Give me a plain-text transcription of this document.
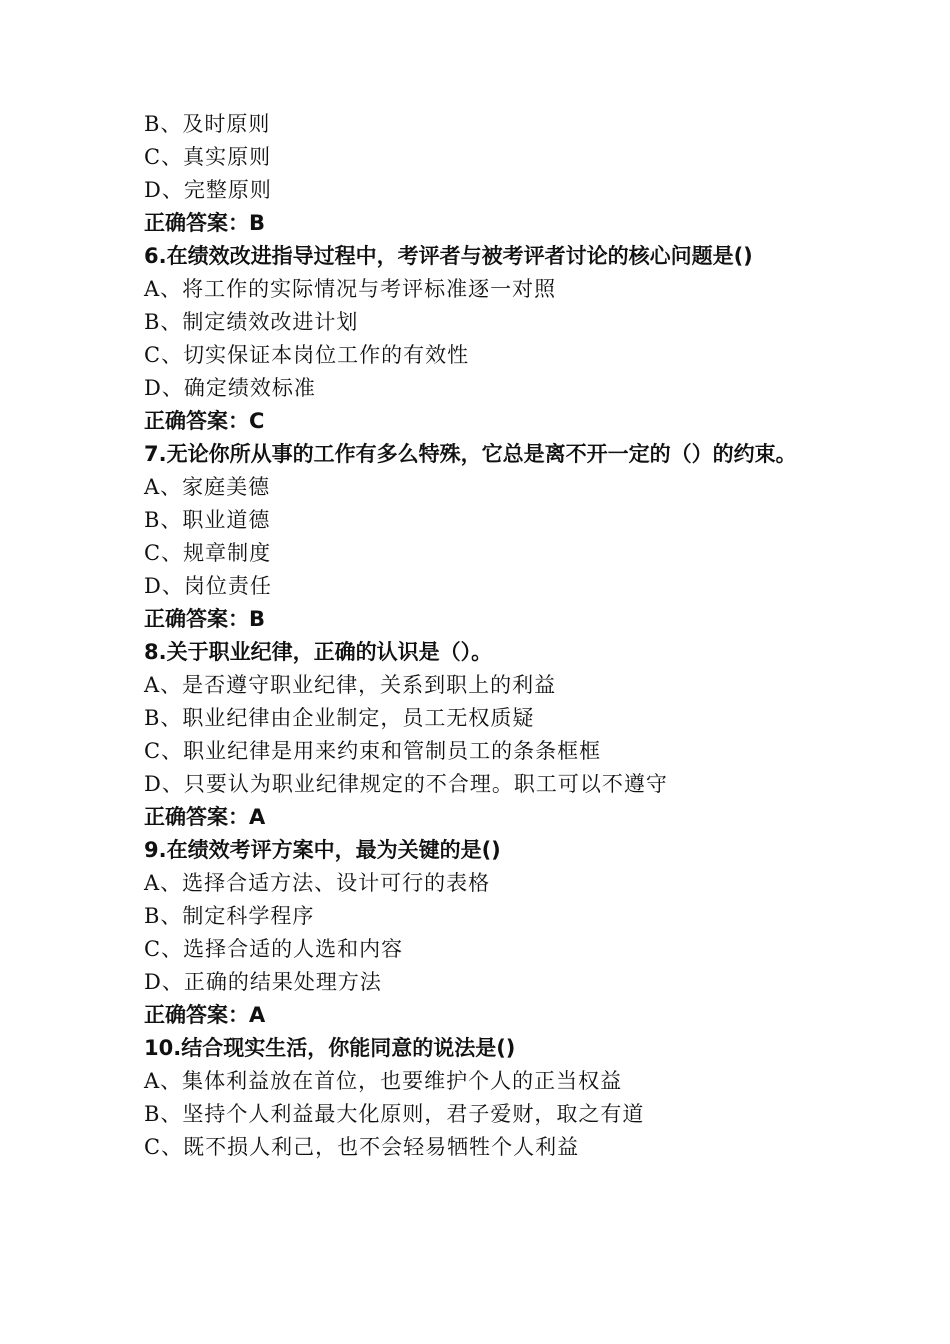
B、及时原则
C、真实原则
D、完整原则
正确答案：B
6.在绩效改进指导过程中，考评者与被考评者讨论的核心问题是()
A、将工作的实际情况与考评标准逐一对照
B、制定绩效改进计划
C、切实保证本岗位工作的有效性
D、确定绩效标准
正确答案：C
7.无论你所从事的工作有多么特殊，它总是离不开一定的（）的约束。
A、家庭美德
B、职业道德
C、规章制度
D、岗位责任
正确答案：B
8.关于职业纪律，正确的认识是（）。
A、是否遵守职业纪律，关系到职上的利益
B、职业纪律由企业制定，员工无权质疑
C、职业纪律是用来约束和管制员工的条条框框
D、只要认为职业纪律规定的不合理。职工可以不遵守
正确答案：A
9.在绩效考评方案中，最为关键的是()
A、选择合适方法、设计可行的表格
B、制定科学程序
C、选择合适的人选和内容
D、正确的结果处理方法
正确答案：A
10.结合现实生活，你能同意的说法是()
A、集体利益放在首位，也要维护个人的正当权益
B、坚持个人利益最大化原则，君子爱财，取之有道
C、既不损人利己，也不会轻易牺牲个人利益
